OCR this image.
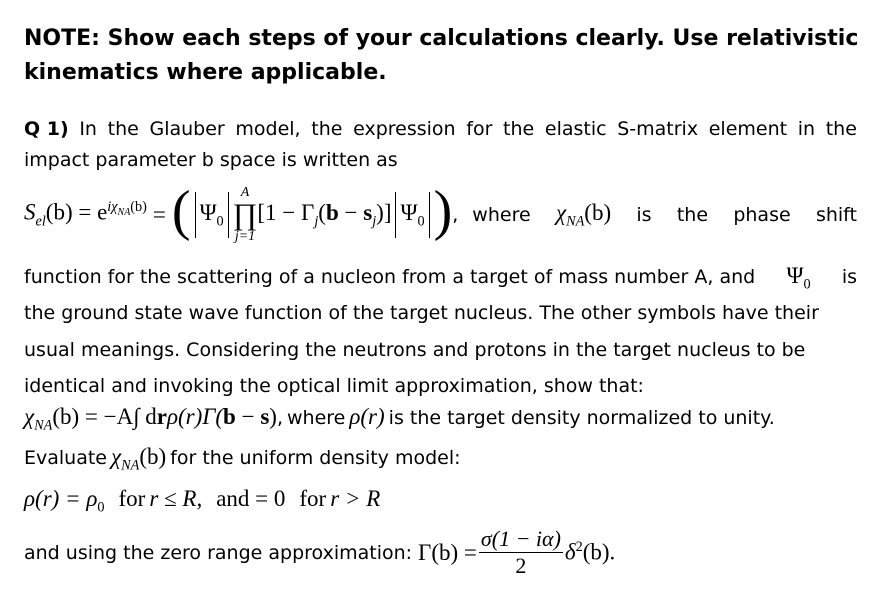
NOTE: Show each steps of your calculations clearly. Use relativistic
kinematics where applicable.
Q 1) In the Glauber model, the expression for the elastic S-matrix element in the
impact parameter b space is written as
$S_{el}(b) = e^{i\chi_{NA}(b)}$ = ( $\Psi_0$
A
∏
j=1
$[1 - \Gamma_j(b - s_j)]$ $\Psi_0$ ) , where $\chi_{NA}(b)$ is the phase shift
function for the scattering of a nucleon from a target of mass number A, and $\Psi_0$ is
the ground state wave function of the target nucleus. The other symbols have their
usual meanings. Considering the neutrons and protons in the target nucleus to be
identical and invoking the optical limit approximation, show that:
$\chi_{NA}(b) = -A\int$ drρ(r)Γ(b − s), where ρ(r) is the target density normalized to unity.
Evaluate $\chi_{NA}(b)$ for the uniform density model:
$\rho(r) = \rho_0$ for r ≤ R, and = 0 for r > R
and using the zero range approximation: $\Gamma(b) = \frac{\sigma(1 - i\alpha)}{2} \delta^2(b)$.
